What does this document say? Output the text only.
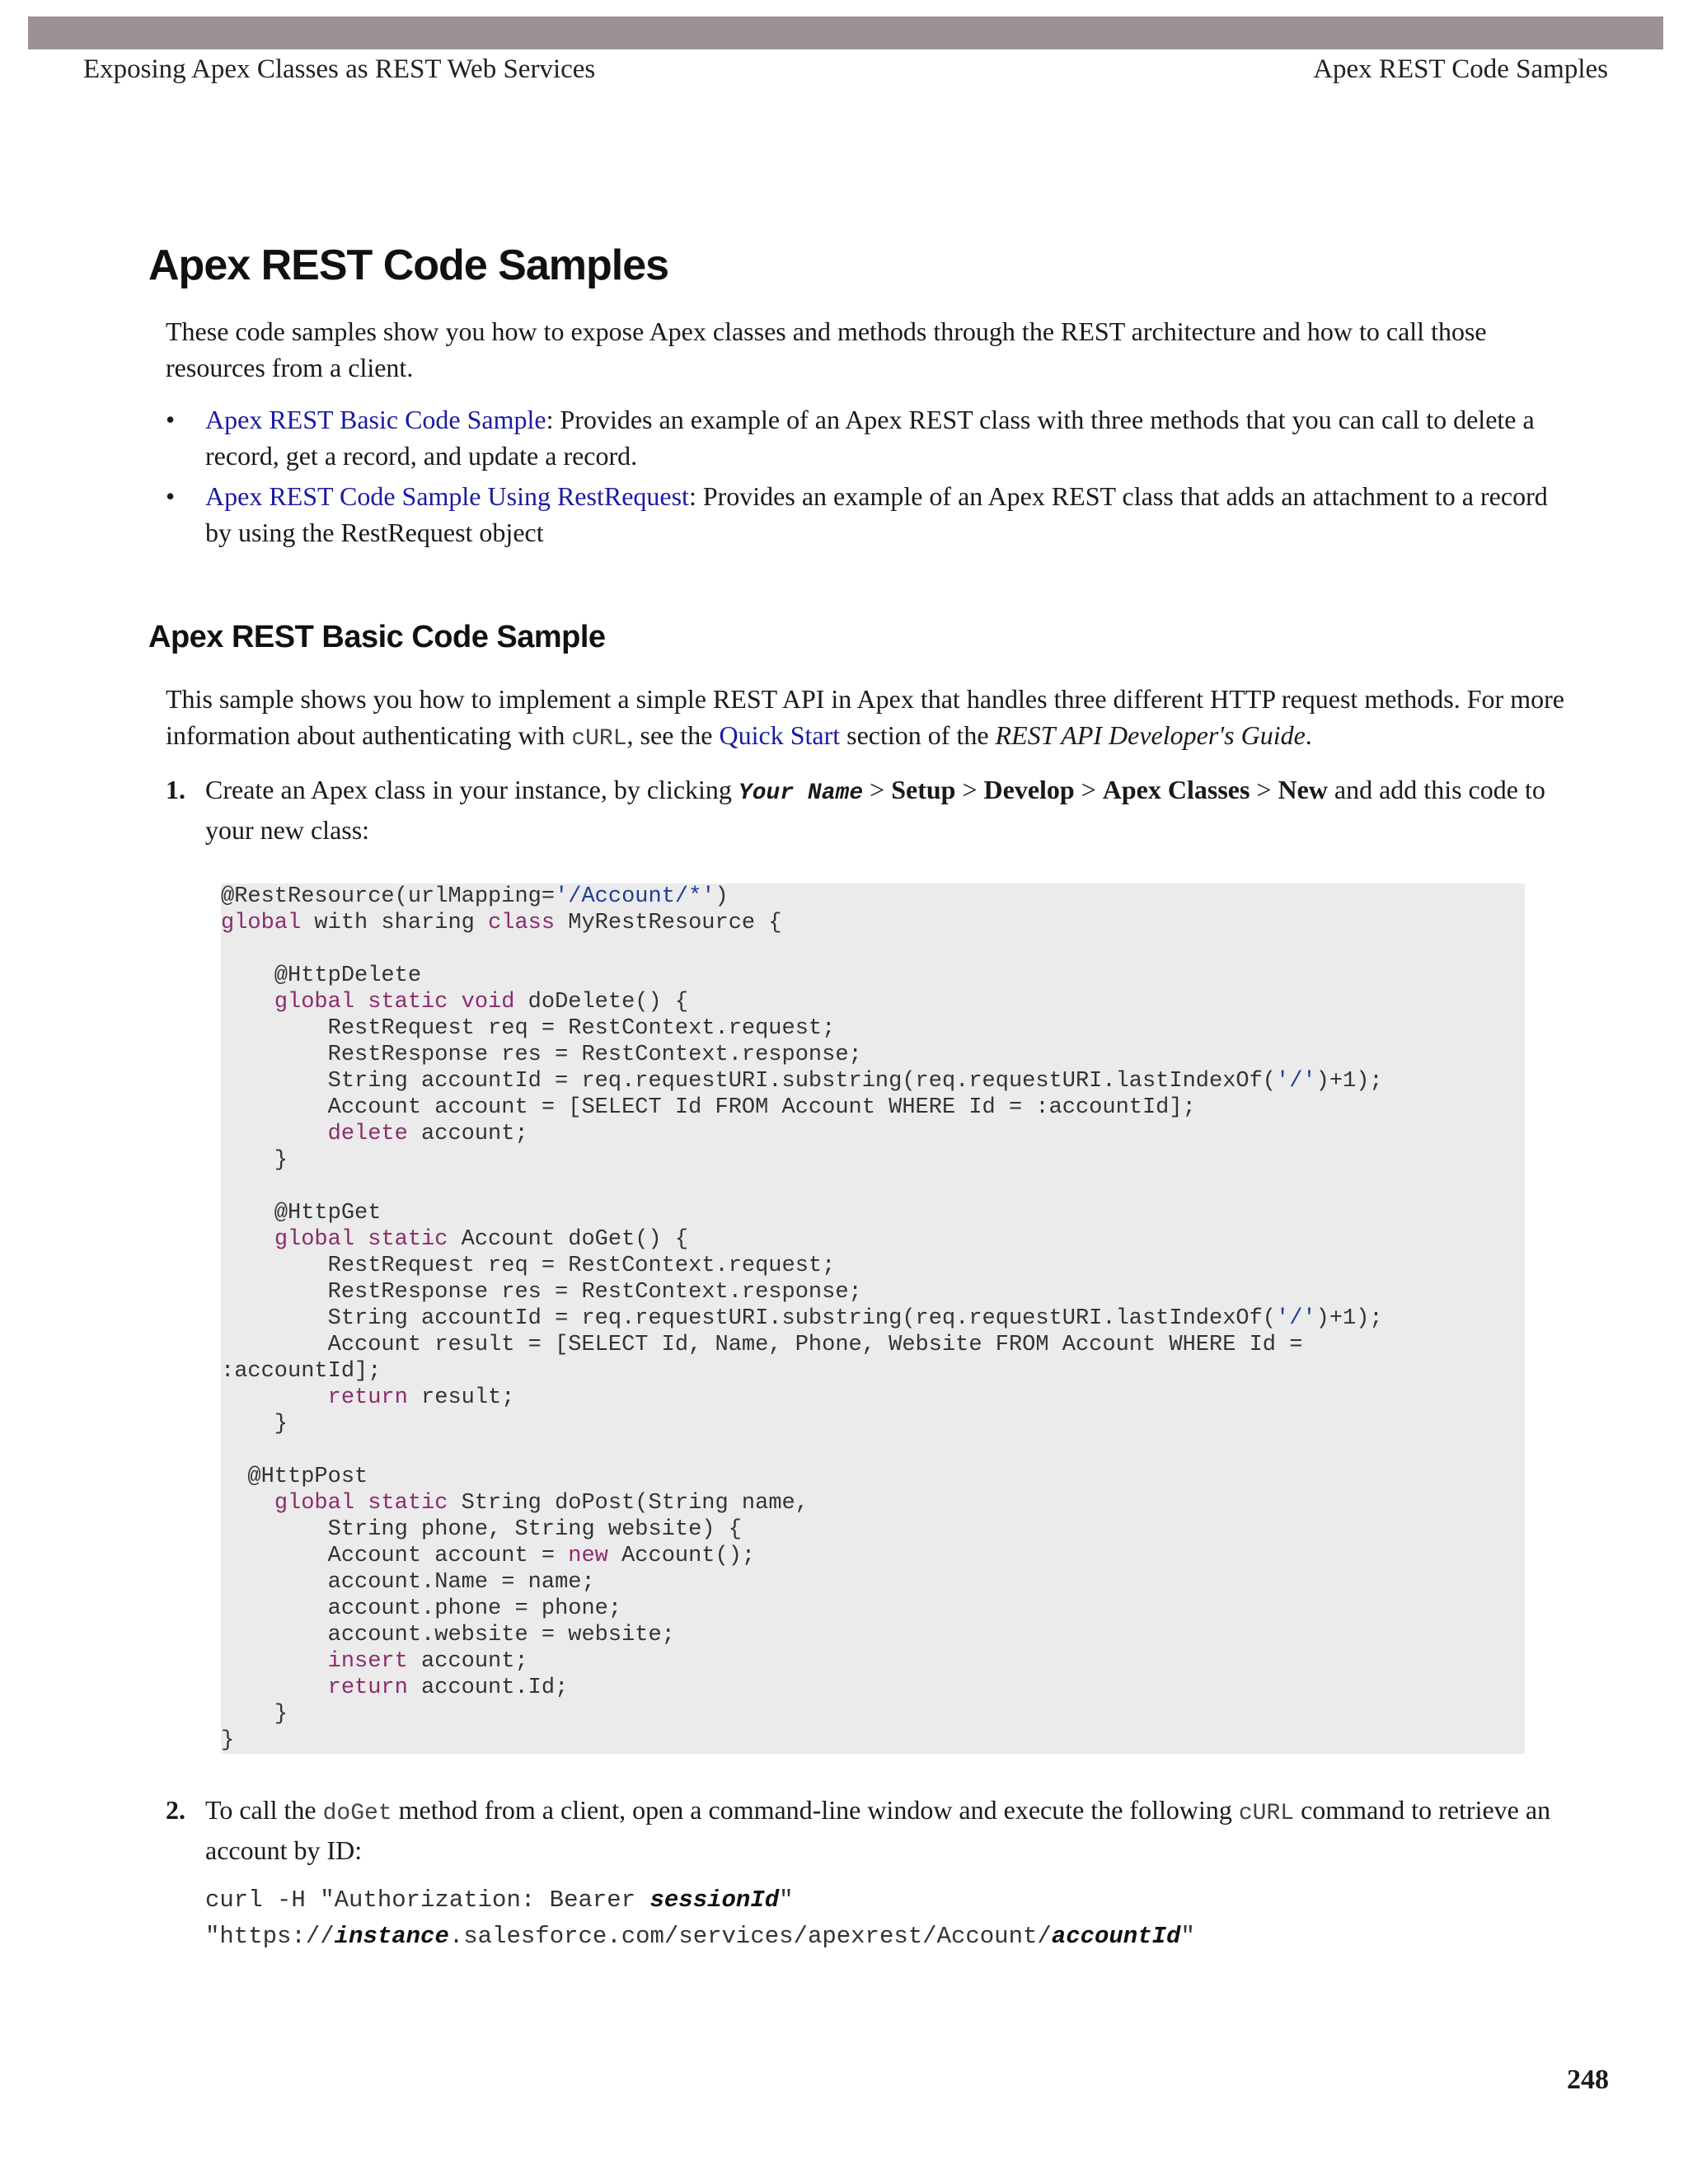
Exposing Apex Classes as REST Web Services	Apex REST Code Samples
Apex REST Code Samples

These code samples show you how to expose Apex classes and methods through the REST architecture and how to call those resources from a client.

• Apex REST Basic Code Sample: Provides an example of an Apex REST class with three methods that you can call to delete a record, get a record, and update a record.
• Apex REST Code Sample Using RestRequest: Provides an example of an Apex REST class that adds an attachment to a record by using the RestRequest object
Apex REST Basic Code Sample

This sample shows you how to implement a simple REST API in Apex that handles three different HTTP request methods. For more information about authenticating with cURL, see the Quick Start section of the REST API Developer's Guide.

1. Create an Apex class in your instance, by clicking Your Name > Setup > Develop > Apex Classes > New and add this code to your new class:
@RestResource(urlMapping='/Account/*')
global with sharing class MyRestResource {

@HttpDelete
global static void doDelete() {
RestRequest req = RestContext.request;
RestResponse res = RestContext.response;
String accountId = req.requestURI.substring(req.requestURI.lastIndexOf('/')+1);
Account account = [SELECT Id FROM Account WHERE Id = :accountId];
delete account;
}

@HttpGet
global static Account doGet() {
RestRequest req = RestContext.request;
RestResponse res = RestContext.response;
String accountId = req.requestURI.substring(req.requestURI.lastIndexOf('/')+1);
Account result = [SELECT Id, Name, Phone, Website FROM Account WHERE Id =
:accountId];
return result;
}

@HttpPost
global static String doPost(String name,
String phone, String website) {
Account account = new Account();
account.Name = name;
account.phone = phone;
account.website = website;
insert account;
return account.Id;
}
}
2. To call the doGet method from a client, open a command-line window and execute the following cURL command to retrieve an account by ID:
curl -H "Authorization: Bearer sessionId"
"https://instance.salesforce.com/services/apexrest/Account/accountId"
248
